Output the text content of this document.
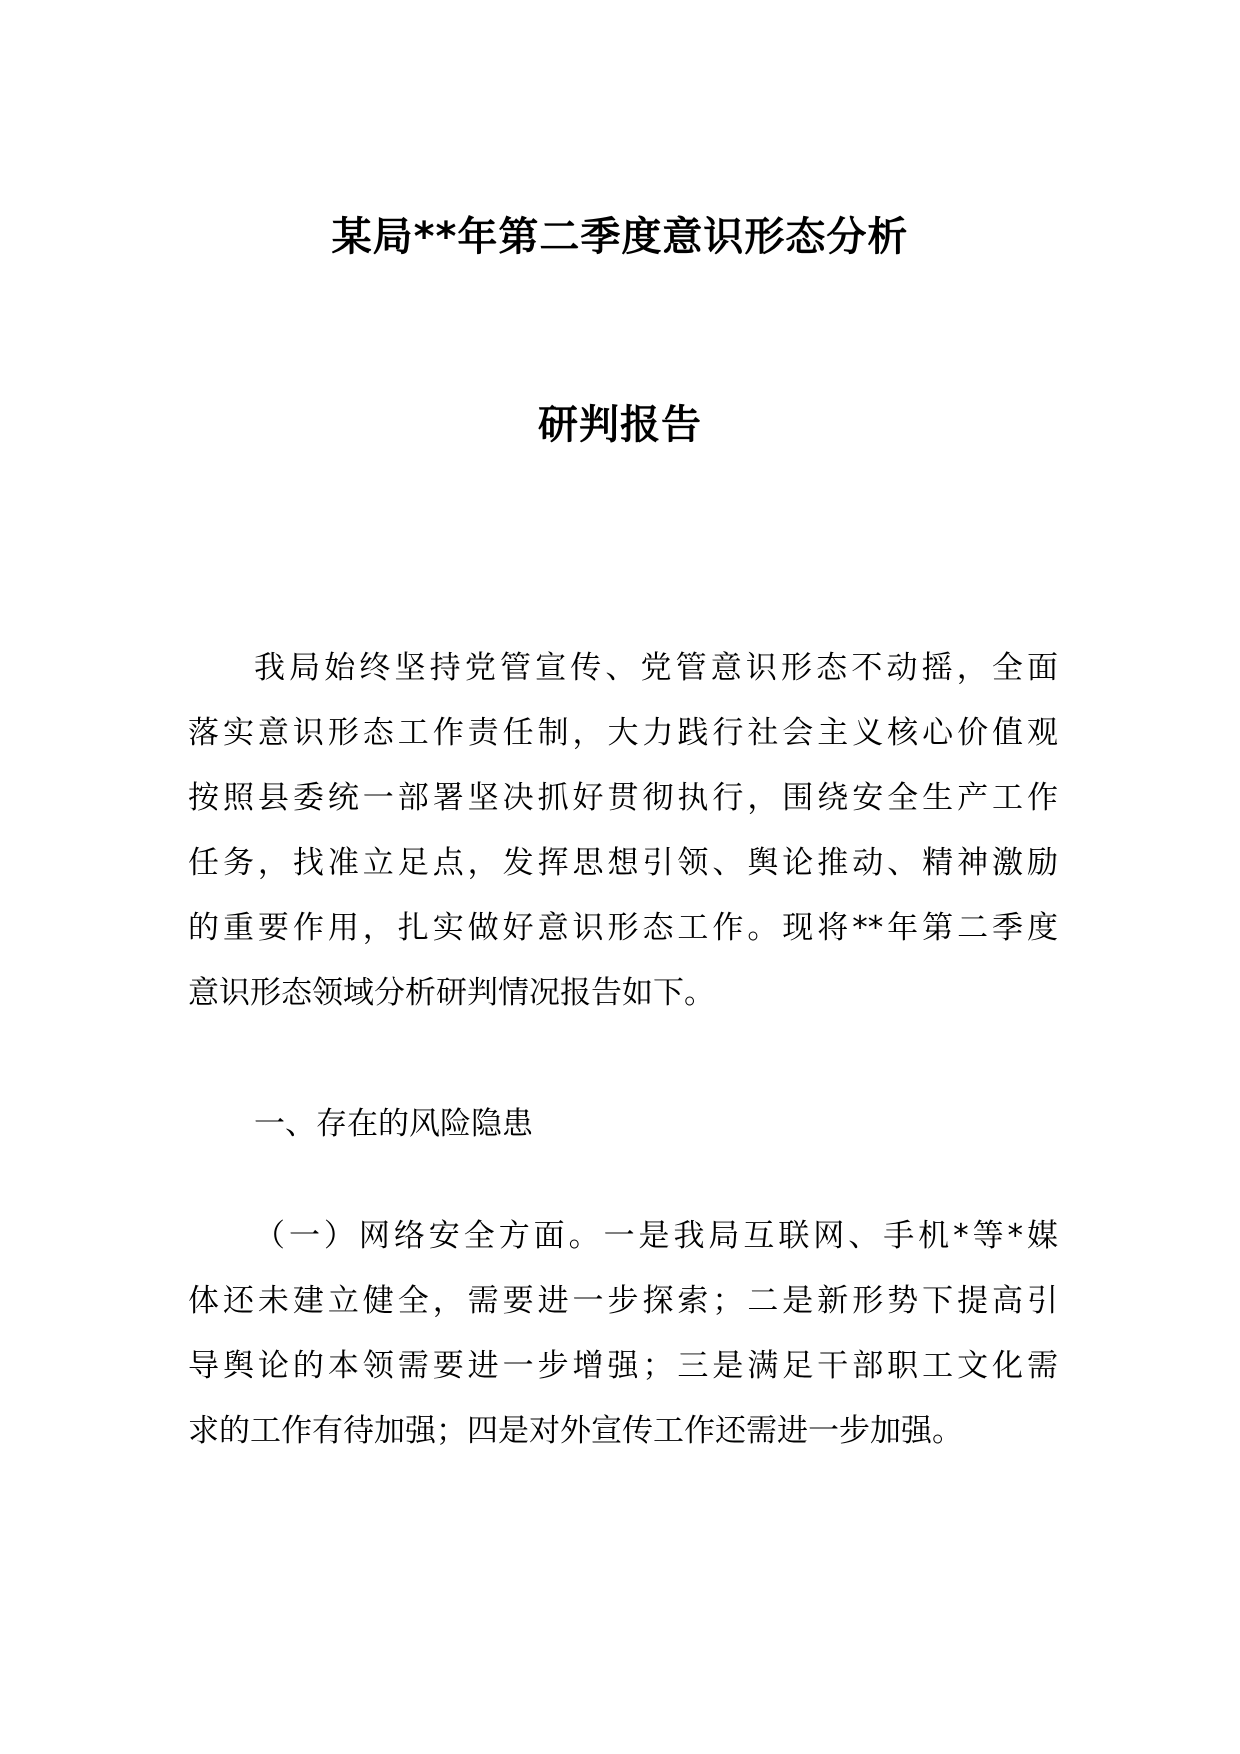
某局**年第二季度意识形态分析
研判报告
我局始终坚持党管宣传、党管意识形态不动摇，全面
落实意识形态工作责任制，大力践行社会主义核心价值观
按照县委统一部署坚决抓好贯彻执行，围绕安全生产工作
任务，找准立足点，发挥思想引领、舆论推动、精神激励
的重要作用，扎实做好意识形态工作。现将**年第二季度
意识形态领域分析研判情况报告如下。
一、存在的风险隐患
（一）网络安全方面。一是我局互联网、手机*等*媒
体还未建立健全，需要进一步探索；二是新形势下提高引
导舆论的本领需要进一步增强；三是满足干部职工文化需
求的工作有待加强；四是对外宣传工作还需进一步加强。
